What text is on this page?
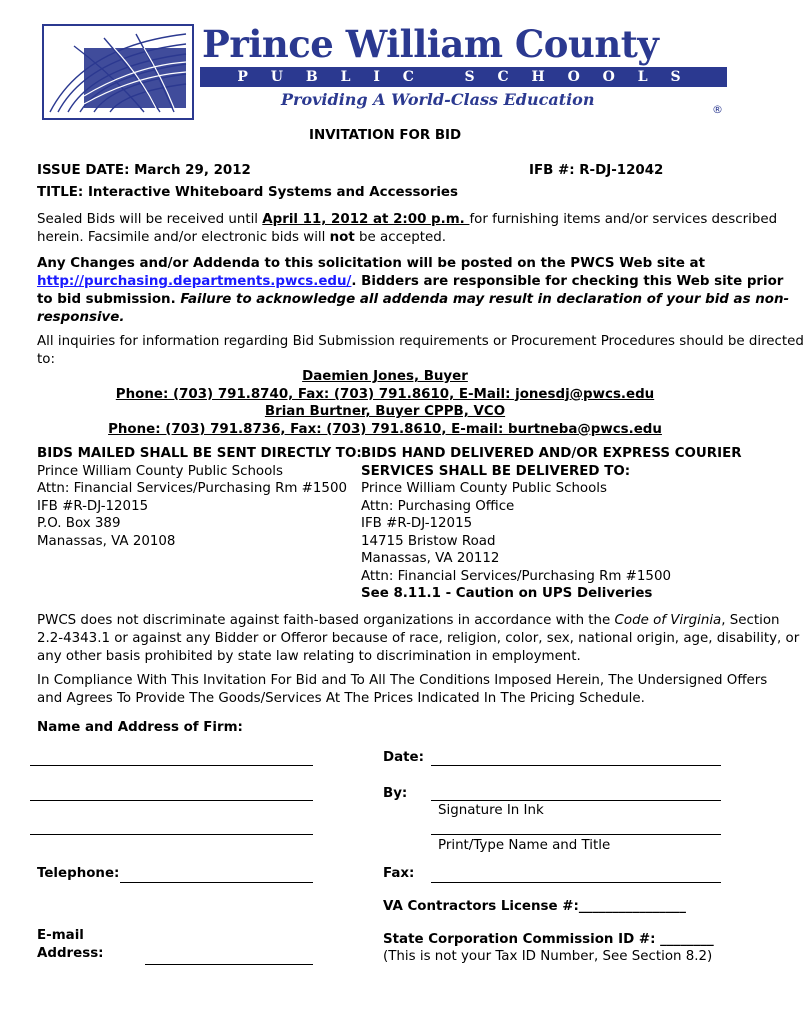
Prince William County
P U B L I C   S C H O O L S
Providing A World-Class Education
®
INVITATION FOR BID
ISSUE DATE: March 29, 2012	IFB #: R-DJ-12042
TITLE: Interactive Whiteboard Systems and Accessories

Sealed Bids will be received until April 11, 2012 at 2:00 p.m. for furnishing items and/or services described

herein. Facsimile and/or electronic bids will not be accepted.

Any Changes and/or Addenda to this solicitation will be posted on the PWCS Web site at

http://purchasing.departments.pwcs.edu/. Bidders are responsible for checking this Web site prior

to bid submission. Failure to acknowledge all addenda may result in declaration of your bid as non-

responsive.

All inquiries for information regarding Bid Submission requirements or Procurement Procedures should be directed

to:

Daemien Jones, Buyer

Phone: (703) 791.8740, Fax: (703) 791.8610, E-Mail: jonesdj@pwcs.edu

Brian Burtner, Buyer CPPB, VCO

Phone: (703) 791.8736, Fax: (703) 791.8610, E-mail: burtneba@pwcs.edu

BIDS MAILED SHALL BE SENT DIRECTLY TO:

Prince William County Public Schools

Attn: Financial Services/Purchasing Rm #1500

IFB #R-DJ-12015

P.O. Box 389

Manassas, VA 20108

BIDS HAND DELIVERED AND/OR EXPRESS COURIER

SERVICES SHALL BE DELIVERED TO:

Prince William County Public Schools

Attn: Purchasing Office

IFB #R-DJ-12015

14715 Bristow Road

Manassas, VA 20112

Attn: Financial Services/Purchasing Rm #1500

See 8.11.1 - Caution on UPS Deliveries

PWCS does not discriminate against faith-based organizations in accordance with the Code of Virginia, Section

2.2-4343.1 or against any Bidder or Offeror because of race, religion, color, sex, national origin, age, disability, or

any other basis prohibited by state law relating to discrimination in employment.

In Compliance With This Invitation For Bid and To All The Conditions Imposed Herein, The Undersigned Offers

and Agrees To Provide The Goods/Services At The Prices Indicated In The Pricing Schedule.

Name and Address of Firm:
Date:
By:
Signature In Ink
Print/Type Name and Title
Telephone:	Fax:
VA Contractors License #:________________

E-mail

Address:

State Corporation Commission ID #: ________
(This is not your Tax ID Number, See Section 8.2)
